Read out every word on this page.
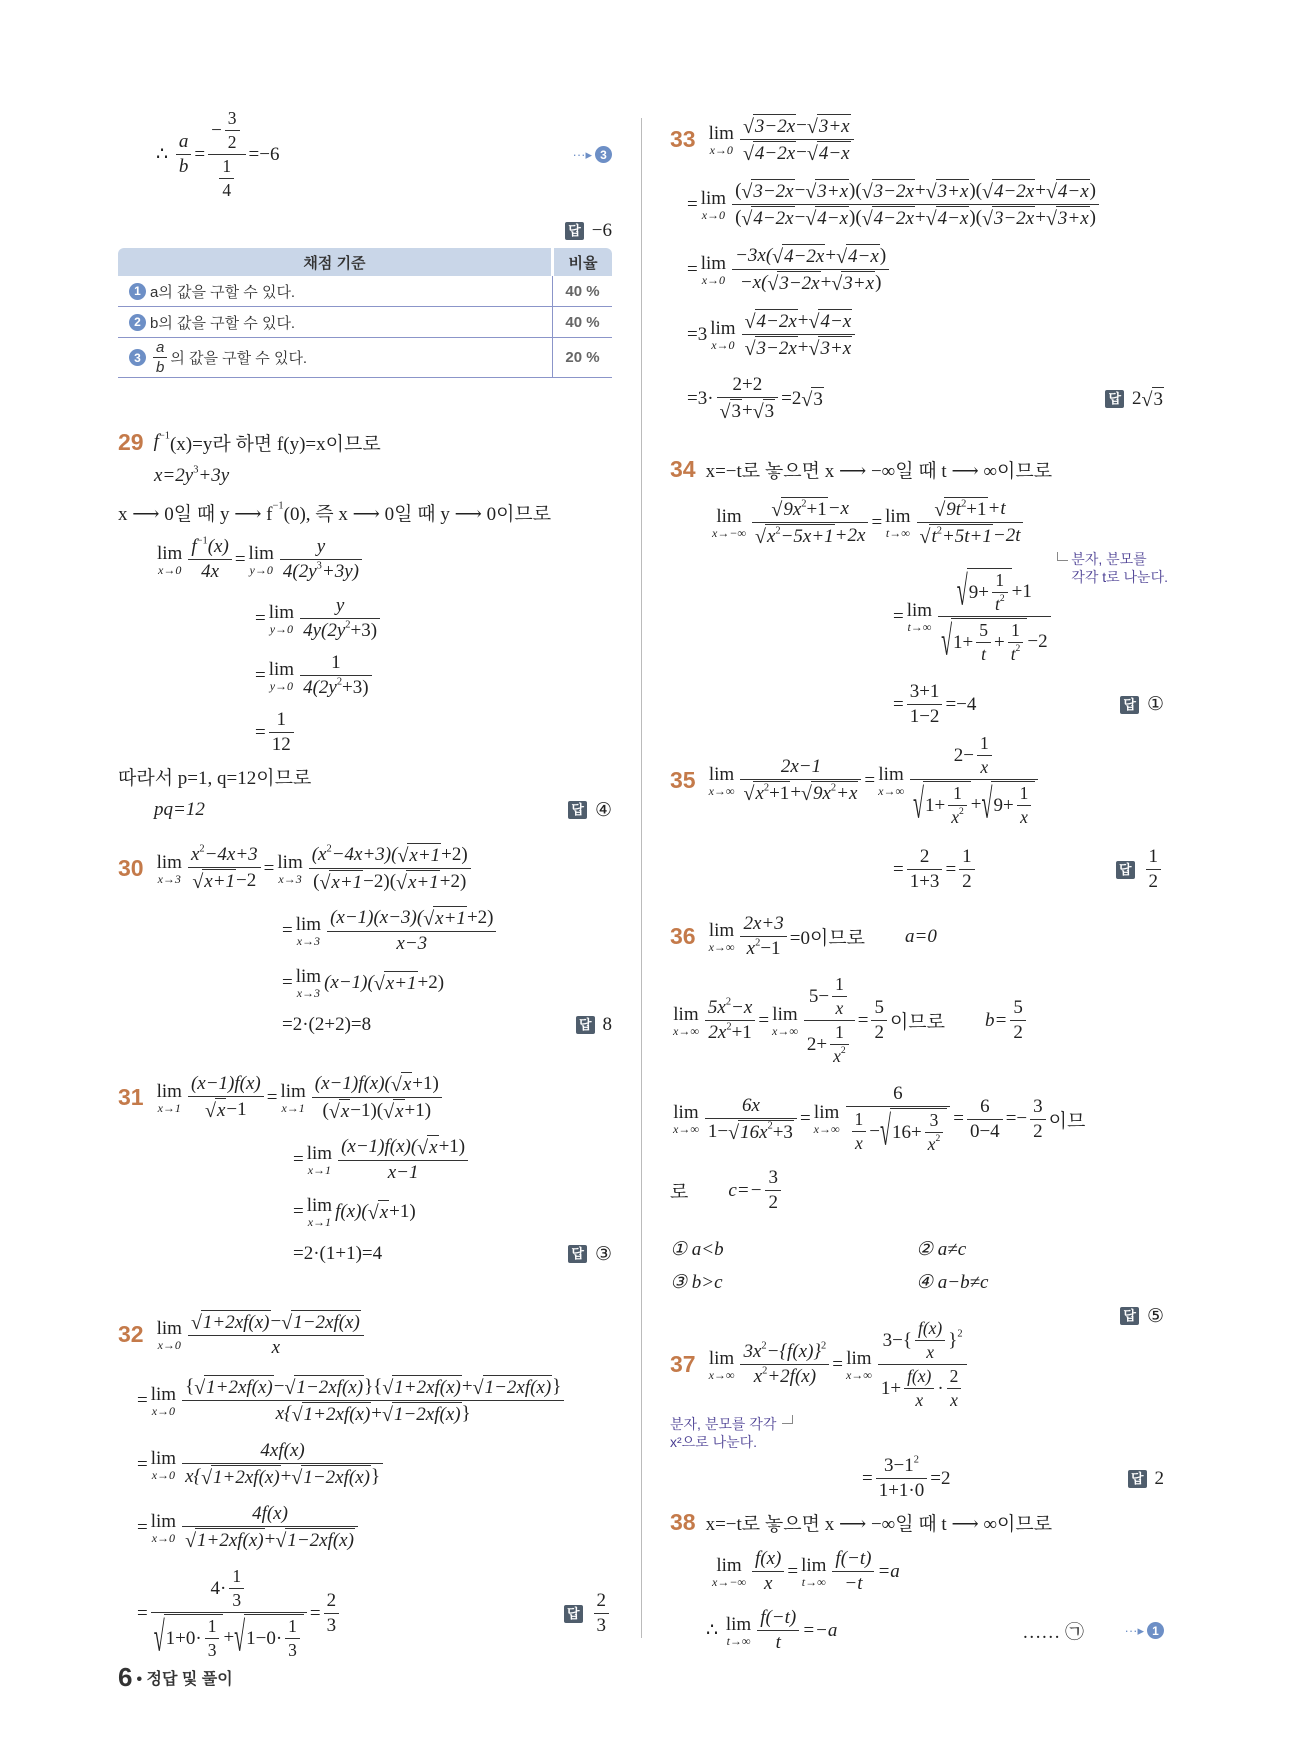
∴ $\frac{a}{b} = \frac{- \frac{3}{2}}{\frac{1}{4}} =-6$	···▸ 3
답 −6
채점 기준	비율

1 a의 값을 구할 수 있다.	40 %

2 b의 값을 구할 수 있다.	40 %

$3 \frac{a}{b}$ 의 값을 구할 수 있다.	20 %
29 f −1 (x)=y라 하면 f(y)=x이므로
x=2y 3 +3y
x ⟶ 0일 때 y ⟶ f −1 (0), 즉 x ⟶ 0일 때 y ⟶ 0이므로
lim
$x\to 0 \frac{f -1 (x)}{4x} = \lim$
$y\to 0 \frac{y}{4(2y 3 +3y)}$
= lim
$y\to 0 \frac{y}{4y(2y 2 +3)}$
= lim
$y\to 0 \frac{1}{4(2y 2 +3)}$
= $\frac{1}{12}$
따라서 p=1, q=12이므로
pq=12	답 ④
30 lim
$x\to 3 \frac{x 2 -4x+3}{√ x+1 -2} = \lim$
$x\to 3 \frac{(x 2 -4x+3)( √ x+1 +2)}{( √ x+1 -2)( √ x+1 +2)}$
= lim
$x\to 3 \frac{(x-1)(x-3)( √ x+1 +2)}{x-3}$
= lim
x→3 (x−1)( √ x+1 +2)
=2·(2+2)=8	답 8
31 lim
$x\to 1 \frac{(x-1)f(x)}{√ x -1} = \lim$
$x\to 1 \frac{(x-1)f(x)( √ x +1)}{( √ x -1)( √ x +1)}$
= lim
$x\to 1 \frac{(x-1)f(x)( √ x +1)}{x-1}$
= lim
x→1 f(x)( √ x +1)
=2·(1+1)=4	답 ③
32 lim
$x\to 0 \frac{√ 1+2xf(x) - √ 1-2xf(x)}{x}$
= lim
$x\to 0 \frac{\{ √ 1+2xf(x) - √ 1-2xf(x) \}\{ √ 1+2xf(x) + √ 1-2xf(x) \}}{x\{ √ 1+2xf(x) + √ 1-2xf(x) \}}$
= lim
$x\to 0 \frac{4xf(x)}{x\{ √ 1+2xf(x) + √ 1-2xf(x) \}}$
= lim
$x\to 0 \frac{4f(x)}{√ 1+2xf(x) + √ 1-2xf(x)}$
= $\frac{4\cdot \frac{1}{3}}{√ 1+0\cdot \frac{1}{3} + √ 1-0\cdot \frac{1}{3}} = \frac{2}{3}$	답 $\frac{2}{3}$
33 lim
$x\to 0 \frac{√ 3-2x - √ 3+x}{√ 4-2x - √ 4-x}$
= lim
$x\to 0 \frac{( √ 3-2x - √ 3+x )( √ 3-2x + √ 3+x )( √ 4-2x + √ 4-x )}{( √ 4-2x - √ 4-x )( √ 4-2x + √ 4-x )( √ 3-2x + √ 3+x )}$
= lim
$x\to 0 \frac{-3x( √ 4-2x + √ 4-x )}{-x( √ 3-2x + √ 3+x )}$
=3 lim
$x\to 0 \frac{√ 4-2x + √ 4-x}{√ 3-2x + √ 3+x}$
$=3\cdot \frac{2+2}{√ 3 + √ 3} =2$ √ 3	답 2 √ 3
34 x=−t로 놓으면 x ⟶ −∞일 때 t ⟶ ∞이므로
lim
$x\to-\infty \frac{√ 9x 2 +1 -x}{√ x 2 -5x+1 +2x} = \lim$
$t\to\infty \frac{√ 9t 2 +1 +t}{√ t 2 +5t+1 -2t}$
분자, 분모를
각각 t로 나눈다.
= lim
$t\to\infty \frac{√ 9+ \frac{1}{t 2} +1}{√ 1+ \frac{5}{t} + \frac{1}{t 2} -2}$
= $\frac{3+1}{1-2} =-4$	답 ①
35 lim
$x\to\infty \frac{2x-1}{√ x 2 +1 + √ 9x 2 +x} = \lim$
$x\to\infty \frac{2- \frac{1}{x}}{√ 1+ \frac{1}{x 2} + √ 9+ \frac{1}{x}}$
= $\frac{2}{1+3} = \frac{1}{2}$	답 $\frac{1}{2}$
36 lim
$x\to\infty \frac{2x+3}{x 2 -1} =0$이므로 a=0
lim
$x\to\infty \frac{5x 2 -x}{2x 2 +1} = \lim$
$x\to\infty \frac{5- \frac{1}{x}}{2+ \frac{1}{x 2}} = \frac{5}{2}$ 이므로 $b= \frac{5}{2}$
lim
$x\to\infty \frac{6x}{1- √ 16x 2 +3} = \lim$
$x\to\infty \frac{6}{\frac{1}{x} - √ 16+ \frac{3}{x 2}} = \frac{6}{0-4} =- \frac{3}{2}$ 이므
로 $c=- \frac{3}{2}$
① a<b	② a≠c
③ b>c	④ a−b≠c
답 ⑤
37 lim
$x\to\infty \frac{3x 2 -\{f(x)\} 2}{x 2 +2f(x)} = \lim$
$x\to\infty \frac{3-\{ \frac{f(x)}{x} \} 2}{1+ \frac{f(x)}{x} \cdot \frac{2}{x}}$
분자, 분모를 각각
x²으로 나눈다.
= $\frac{3-1 2}{1+1\cdot 0} =2$	답 2
38 x=−t로 놓으면 x ⟶ −∞일 때 t ⟶ ∞이므로
lim
$x\to-\infty \frac{f(x)}{x} = \lim$
$t\to\infty \frac{f(-t)}{-t} =a$
∴ lim
$t\to\infty \frac{f(-t)}{t} =-a$	···▸ 1
…… ㉠
6 • 정답 및 풀이
